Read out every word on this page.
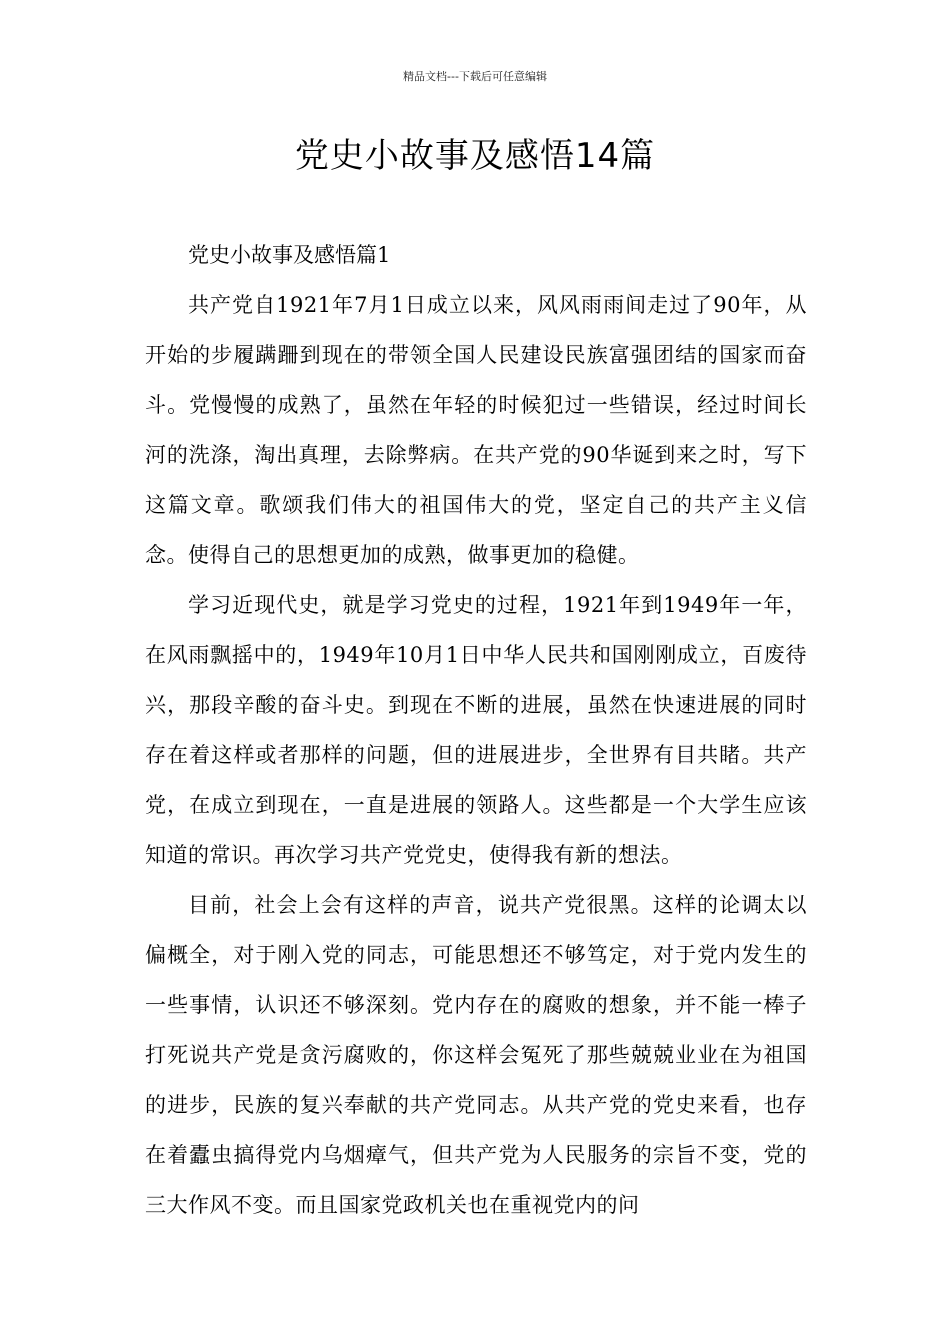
精品文档---下载后可任意编辑
党史小故事及感悟14篇
党史小故事及感悟篇1

共产党自1921年7月1日成立以来，风风雨雨间走过了90年，从开始的步履蹒跚到现在的带领全国人民建设民族富强团结的国家而奋斗。党慢慢的成熟了，虽然在年轻的时候犯过一些错误，经过时间长河的洗涤，淘出真理，去除弊病。在共产党的90华诞到来之时，写下这篇文章。歌颂我们伟大的祖国伟大的党，坚定自己的共产主义信念。使得自己的思想更加的成熟，做事更加的稳健。

学习近现代史，就是学习党史的过程，1921年到1949年一年，在风雨飘摇中的，1949年10月1日中华人民共和国刚刚成立，百废待兴，那段辛酸的奋斗史。到现在不断的进展，虽然在快速进展的同时存在着这样或者那样的问题，但的进展进步，全世界有目共睹。共产党，在成立到现在，一直是进展的领路人。这些都是一个大学生应该知道的常识。再次学习共产党党史，使得我有新的想法。

目前，社会上会有这样的声音，说共产党很黑。这样的论调太以偏概全，对于刚入党的同志，可能思想还不够笃定，对于党内发生的一些事情，认识还不够深刻。党内存在的腐败的想象，并不能一棒子打死说共产党是贪污腐败的，你这样会冤死了那些兢兢业业在为祖国的进步，民族的复兴奉献的共产党同志。从共产党的党史来看，也存在着蠹虫搞得党内乌烟瘴气，但共产党为人民服务的宗旨不变，党的三大作风不变。而且国家党政机关也在重视党内的问
